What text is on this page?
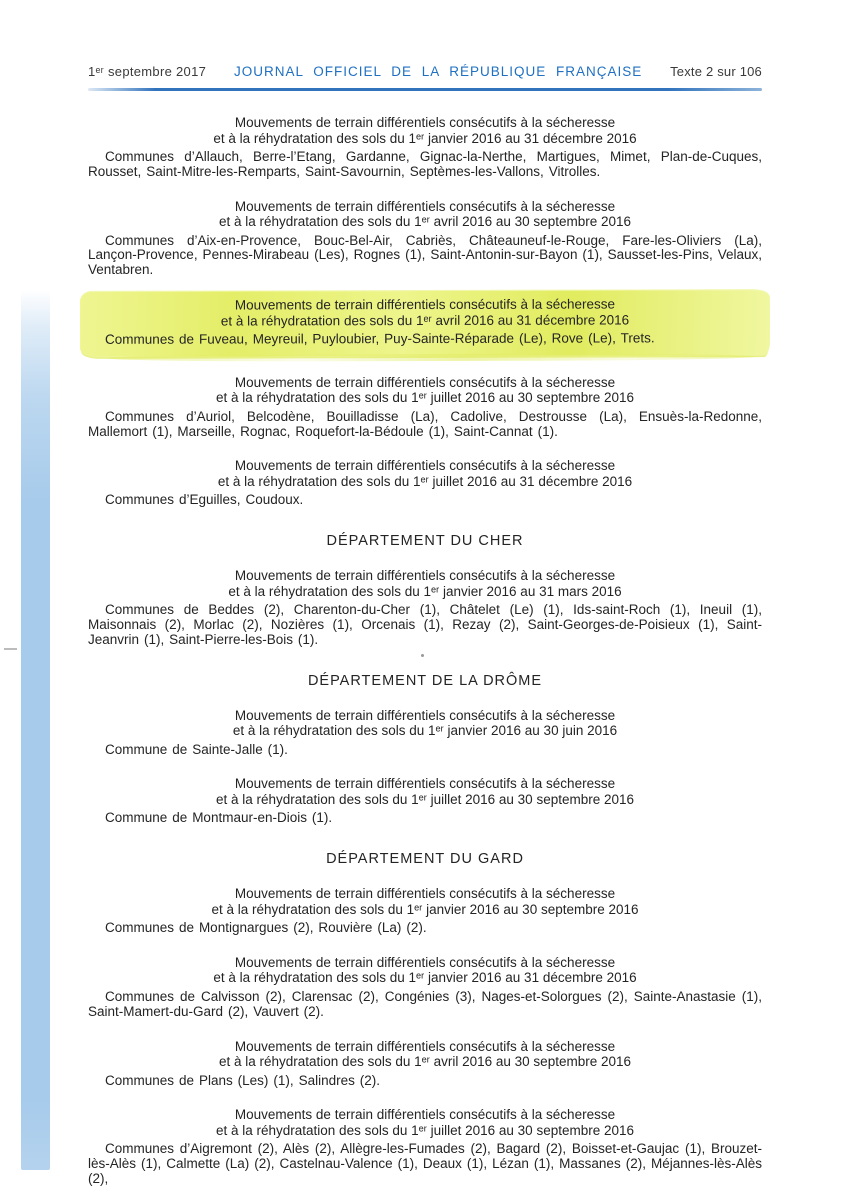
1ᵉʳ septembre 2017 JOURNAL OFFICIEL DE LA RÉPUBLIQUE FRANÇAISE Texte 2 sur 106
Mouvements de terrain différentiels consécutifs à la sécheresse
et à la réhydratation des sols du 1ᵉʳ janvier 2016 au 31 décembre 2016

Communes d’Allauch, Berre-l’Etang, Gardanne, Gignac-la-Nerthe, Martigues, Mimet, Plan-de-Cuques, Rousset, Saint-Mitre-les-Remparts, Saint-Savournin, Septèmes-les-Vallons, Vitrolles.

Mouvements de terrain différentiels consécutifs à la sécheresse
et à la réhydratation des sols du 1ᵉʳ avril 2016 au 30 septembre 2016

Communes d’Aix-en-Provence, Bouc-Bel-Air, Cabriès, Châteauneuf-le-Rouge, Fare-les-Oliviers (La), Lançon-Provence, Pennes-Mirabeau (Les), Rognes (1), Saint-Antonin-sur-Bayon (1), Sausset-les-Pins, Velaux, Ventabren.

Mouvements de terrain différentiels consécutifs à la sécheresse
et à la réhydratation des sols du 1ᵉʳ avril 2016 au 31 décembre 2016

Communes de Fuveau, Meyreuil, Puyloubier, Puy-Sainte-Réparade (Le), Rove (Le), Trets.

Mouvements de terrain différentiels consécutifs à la sécheresse
et à la réhydratation des sols du 1ᵉʳ juillet 2016 au 30 septembre 2016

Communes d’Auriol, Belcodène, Bouilladisse (La), Cadolive, Destrousse (La), Ensuès-la-Redonne, Mallemort (1), Marseille, Rognac, Roquefort-la-Bédoule (1), Saint-Cannat (1).

Mouvements de terrain différentiels consécutifs à la sécheresse
et à la réhydratation des sols du 1ᵉʳ juillet 2016 au 31 décembre 2016

Communes d’Eguilles, Coudoux.

DÉPARTEMENT DU CHER
Mouvements de terrain différentiels consécutifs à la sécheresse
et à la réhydratation des sols du 1ᵉʳ janvier 2016 au 31 mars 2016

Communes de Beddes (2), Charenton-du-Cher (1), Châtelet (Le) (1), Ids-saint-Roch (1), Ineuil (1), Maisonnais (2), Morlac (2), Nozières (1), Orcenais (1), Rezay (2), Saint-Georges-de-Poisieux (1), Saint-Jeanvrin (1), Saint-Pierre-les-Bois (1).

DÉPARTEMENT DE LA DRÔME
Mouvements de terrain différentiels consécutifs à la sécheresse
et à la réhydratation des sols du 1ᵉʳ janvier 2016 au 30 juin 2016

Commune de Sainte-Jalle (1).

Mouvements de terrain différentiels consécutifs à la sécheresse
et à la réhydratation des sols du 1ᵉʳ juillet 2016 au 30 septembre 2016

Commune de Montmaur-en-Diois (1).

DÉPARTEMENT DU GARD
Mouvements de terrain différentiels consécutifs à la sécheresse
et à la réhydratation des sols du 1ᵉʳ janvier 2016 au 30 septembre 2016

Communes de Montignargues (2), Rouvière (La) (2).

Mouvements de terrain différentiels consécutifs à la sécheresse
et à la réhydratation des sols du 1ᵉʳ janvier 2016 au 31 décembre 2016

Communes de Calvisson (2), Clarensac (2), Congénies (3), Nages-et-Solorgues (2), Sainte-Anastasie (1), Saint-Mamert-du-Gard (2), Vauvert (2).

Mouvements de terrain différentiels consécutifs à la sécheresse
et à la réhydratation des sols du 1ᵉʳ avril 2016 au 30 septembre 2016

Communes de Plans (Les) (1), Salindres (2).

Mouvements de terrain différentiels consécutifs à la sécheresse
et à la réhydratation des sols du 1ᵉʳ juillet 2016 au 30 septembre 2016

Communes d’Aigremont (2), Alès (2), Allègre-les-Fumades (2), Bagard (2), Boisset-et-Gaujac (1), Brouzet-lès-Alès (1), Calmette (La) (2), Castelnau-Valence (1), Deaux (1), Lézan (1), Massanes (2), Méjannes-lès-Alès (2),
